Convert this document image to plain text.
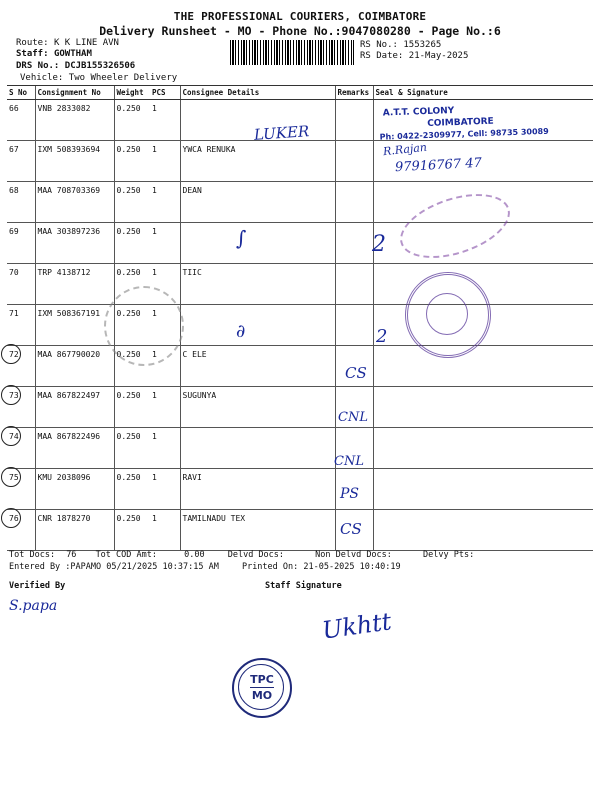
THE PROFESSIONAL COURIERS, COIMBATORE
Delivery Runsheet - MO - Phone No.:9047080280 - Page No.:6
Route: K K LINE AVN
Staff: GOWTHAM
DRS No.: DCJB155326506
Vehicle: Two Wheeler Delivery
RS No.: 1553265
RS Date: 21-May-2025
S No	Consignment No	Weight	PCS	Consignee Details	Remarks	Seal & Signature
66	VNB 2833082	0.250	1			
67	IXM 508393694	0.250	1	YWCA RENUKA		
68	MAA 708703369	0.250	1	DEAN		
69	MAA 303897236	0.250	1			
70	TRP 4138712	0.250	1	TIIC		
71	IXM 508367191	0.250	1			
72	MAA 867790020	0.250	1	C ELE		
73	MAA 867822497	0.250	1	SUGUNYA		
74	MAA 867822496	0.250	1			
75	KMU 2038096	0.250	1	RAVI		
76	CNR 1878270	0.250	1	TAMILNADU TEX		
LUKER
A.T.T. COLONY
COIMBATORE
Ph: 0422-2309977, Cell: 98735 30089
R.Rajan
97916767 47
∫
∂
2
2
CS
CNL
CNL
PS
CS
Tot Docs: 76 Tot COD Amt:	0.00	Delvd Docs:	Non Delvd Docs:	Delvy Pts:
Entered By :PAPAMO 05/21/2025 10:37:15 AM	Printed On: 21-05-2025 10:40:19
Verified By	Staff Signature
S.papa
Ukhtt
TPC
MO
